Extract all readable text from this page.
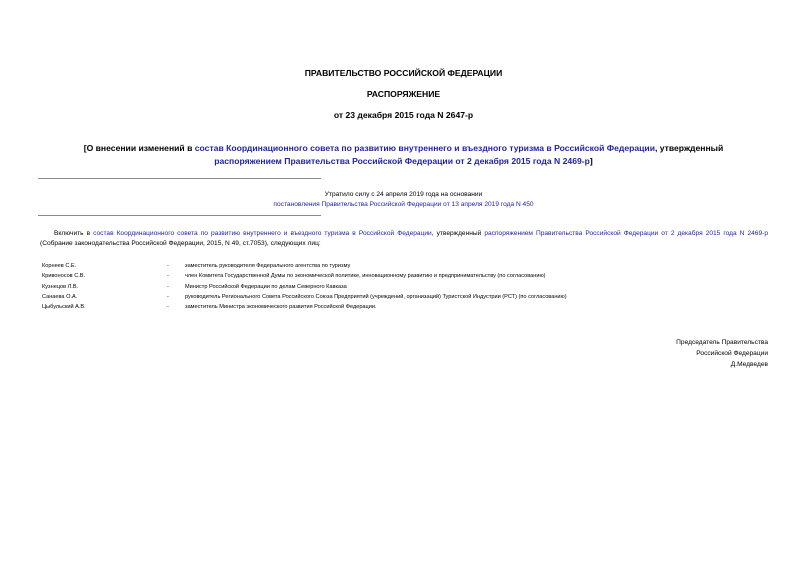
ПРАВИТЕЛЬСТВО РОССИЙСКОЙ ФЕДЕРАЦИИ
РАСПОРЯЖЕНИЕ
от 23 декабря 2015 года N 2647-р
[О внесении изменений в состав Координационного совета по развитию внутреннего и въездного туризма в Российской Федерации, утвержденный распоряжением Правительства Российской Федерации от 2 декабря 2015 года N 2469-р]
Утратило силу с 24 апреля 2019 года на основании
постановления Правительства Российской Федерации от 13 апреля 2019 года N 450
Включить в состав Координационного совета по развитию внутреннего и въездного туризма в Российской Федерации, утвержденный распоряжением Правительства Российской Федерации от 2 декабря 2015 года N 2469-р (Собрание законодательства Российской Федерации, 2015, N 49, ст.7053), следующих лиц:
Корнеев С.Е.	-	заместитель руководителя Федерального агентства по туризму
Кривоносов С.В.	-	член Комитета Государственной Думы по экономической политике, инновационному развитию и предпринимательству (по согласованию)
Кузнецов Л.В.	-	Министр Российской Федерации по делам Северного Кавказа
Санаева О.А.	-	руководитель Регионального Совета Российского Союза Предприятий (учреждений, организаций) Туристской Индустрии (РСТ) (по согласованию)
Цыбульский А.В.	-	заместитель Министра экономического развития Российской Федерации.
Председатель Правительства
Российской Федерации
Д.Медведев
